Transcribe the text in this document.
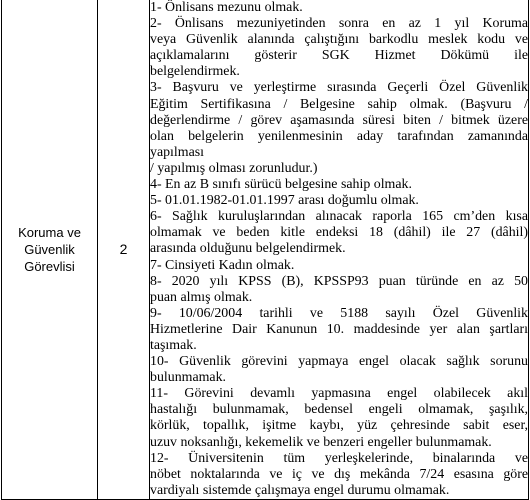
Koruma ve
Güvenlik
Görevlisi
	2	
1- Önlisans mezunu olmak.
2- Önlisans mezuniyetinden sonra en az 1 yıl Koruma
veya Güvenlik alanında çalıştığını barkodlu meslek kodu ve
açıklamalarını gösterir SGK Hizmet Dökümü ile
belgelendirmek.
3- Başvuru ve yerleştirme sırasında Geçerli Özel Güvenlik
Eğitim Sertifikasına / Belgesine sahip olmak. (Başvuru /
değerlendirme / görev aşamasında süresi biten / bitmek üzere
olan belgelerin yenilenmesinin aday tarafından zamanında
yapılması
/ yapılmış olması zorunludur.)
4- En az B sınıfı sürücü belgesine sahip olmak.
5- 01.01.1982-01.01.1997 arası doğumlu olmak.
6- Sağlık kuruluşlarından alınacak raporla 165 cm’den kısa
olmamak ve beden kitle endeksi 18 (dâhil) ile 27 (dâhil)
arasında olduğunu belgelendirmek.
7- Cinsiyeti Kadın olmak.
8- 2020 yılı KPSS (B), KPSSP93 puan türünde en az 50
puan almış olmak.
9- 10/06/2004 tarihli ve 5188 sayılı Özel Güvenlik
Hizmetlerine Dair Kanunun 10. maddesinde yer alan şartları
taşımak.
10- Güvenlik görevini yapmaya engel olacak sağlık sorunu
bulunmamak.
11- Görevini devamlı yapmasına engel olabilecek akıl
hastalığı bulunmamak, bedensel engeli olmamak, şaşılık,
körlük, topallık, işitme kaybı, yüz çehresinde sabit eser,
uzuv noksanlığı, kekemelik ve benzeri engeller bulunmamak.
12- Üniversitenin tüm yerleşkelerinde, binalarında ve
nöbet noktalarında ve iç ve dış mekânda 7/24 esasına göre
vardiyalı sistemde çalışmaya engel durumu olmamak.
